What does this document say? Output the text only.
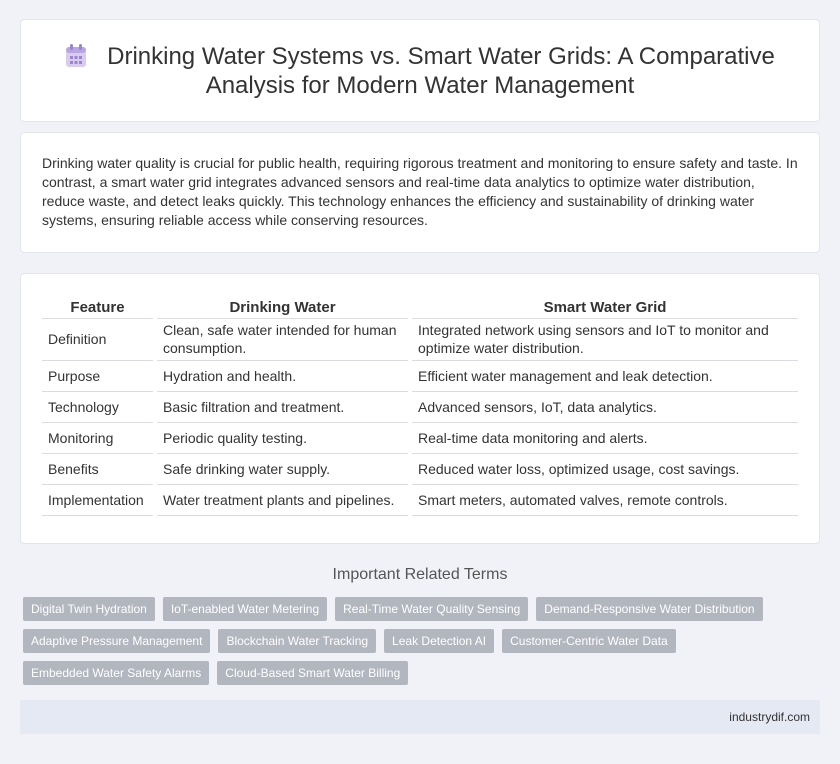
Drinking Water Systems vs. Smart Water Grids: A Comparative
Analysis for Modern Water Management

Drinking water quality is crucial for public health, requiring rigorous treatment and monitoring to ensure safety and taste. In contrast, a smart water grid integrates advanced sensors and real-time data analytics to optimize water distribution, reduce waste, and detect leaks quickly. This technology enhances the efficiency and sustainability of drinking water systems, ensuring reliable access while conserving resources.

Feature	Drinking Water	Smart Water Grid
Definition	Clean, safe water intended for human consumption.	Integrated network using sensors and IoT to monitor and optimize water distribution.
Purpose	Hydration and health.	Efficient water management and leak detection.
Technology	Basic filtration and treatment.	Advanced sensors, IoT, data analytics.
Monitoring	Periodic quality testing.	Real-time data monitoring and alerts.
Benefits	Safe drinking water supply.	Reduced water loss, optimized usage, cost savings.
Implementation	Water treatment plants and pipelines.	Smart meters, automated valves, remote controls.
Important Related Terms
Digital Twin Hydration	IoT-enabled Water Metering	Real-Time Water Quality Sensing	Demand-Responsive Water Distribution
Adaptive Pressure Management	Blockchain Water Tracking	Leak Detection AI	Customer-Centric Water Data
Embedded Water Safety Alarms	Cloud-Based Smart Water Billing
industrydif.com
